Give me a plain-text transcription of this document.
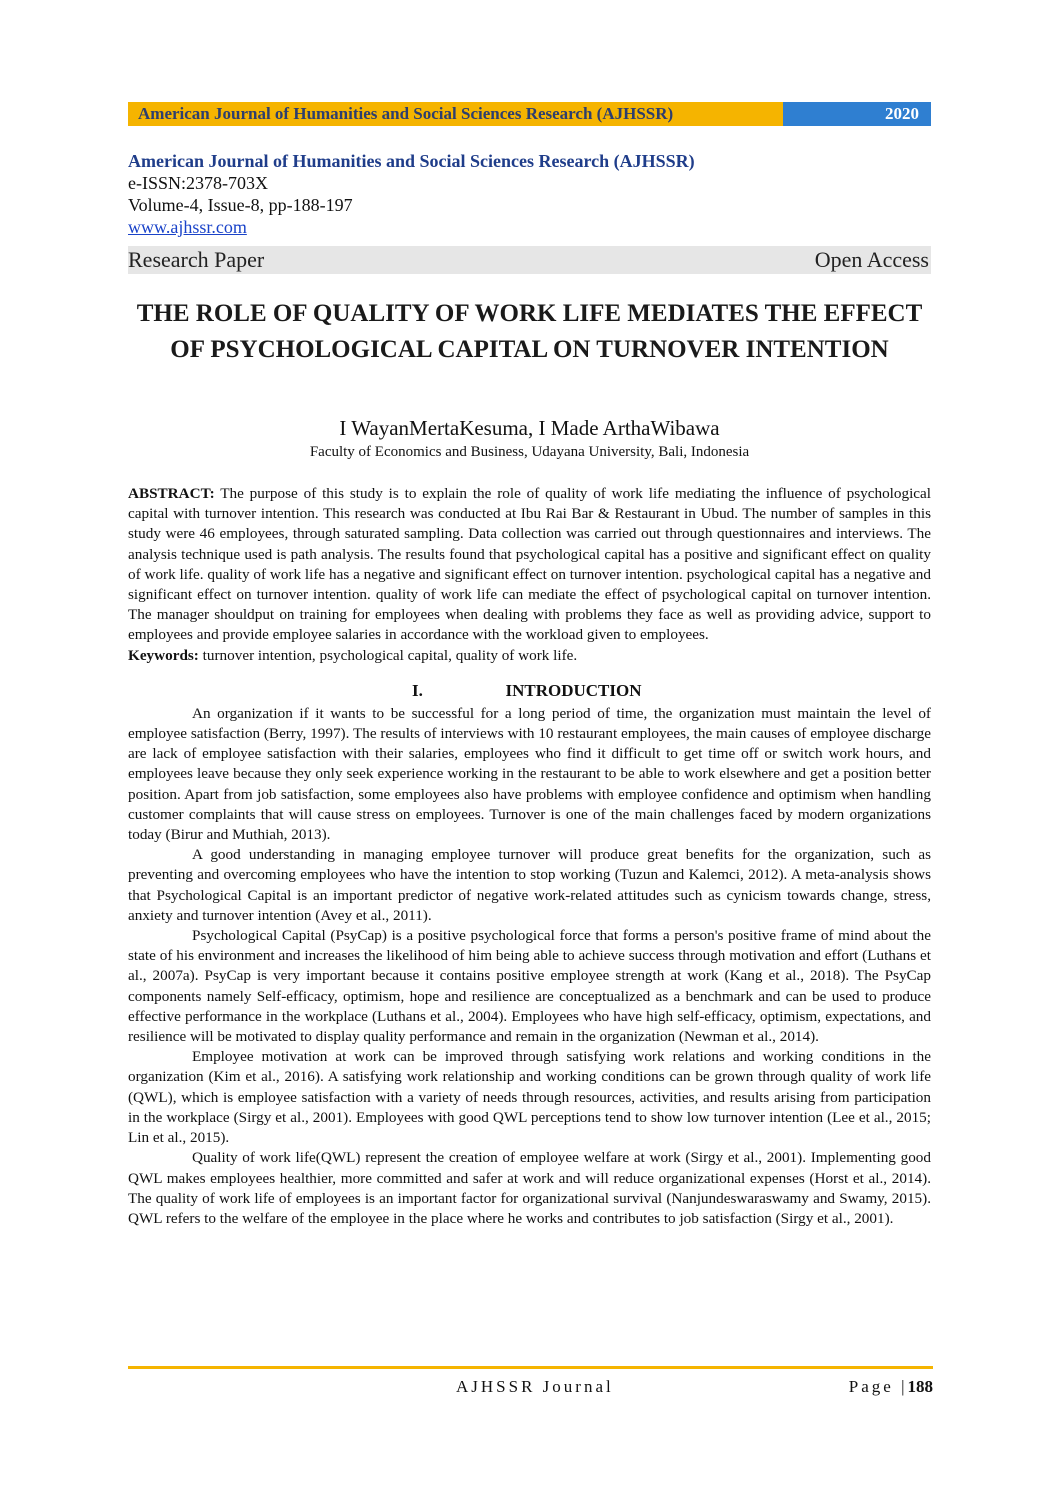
American Journal of Humanities and Social Sciences Research (AJHSSR)	2020
American Journal of Humanities and Social Sciences Research (AJHSSR)
e-ISSN:2378-703X
Volume-4, Issue-8, pp-188-197
www.ajhssr.com
Research Paper	Open Access
THE ROLE OF QUALITY OF WORK LIFE MEDIATES THE EFFECT OF PSYCHOLOGICAL CAPITAL ON TURNOVER INTENTION
I WayanMertaKesuma, I Made ArthaWibawa
Faculty of Economics and Business, Udayana University, Bali, Indonesia

ABSTRACT: The purpose of this study is to explain the role of quality of work life mediating the influence of psychological capital with turnover intention. This research was conducted at Ibu Rai Bar & Restaurant in Ubud. The number of samples in this study were 46 employees, through saturated sampling. Data collection was carried out through questionnaires and interviews. The analysis technique used is path analysis. The results found that psychological capital has a positive and significant effect on quality of work life. quality of work life has a negative and significant effect on turnover intention. psychological capital has a negative and significant effect on turnover intention. quality of work life can mediate the effect of psychological capital on turnover intention. The manager shouldput on training for employees when dealing with problems they face as well as providing advice, support to employees and provide employee salaries in accordance with the workload given to employees.

Keywords: turnover intention, psychological capital, quality of work life.

I.	INTRODUCTION

An organization if it wants to be successful for a long period of time, the organization must maintain the level of employee satisfaction (Berry, 1997). The results of interviews with 10 restaurant employees, the main causes of employee discharge are lack of employee satisfaction with their salaries, employees who find it difficult to get time off or switch work hours, and employees leave because they only seek experience working in the restaurant to be able to work elsewhere and get a position better position. Apart from job satisfaction, some employees also have problems with employee confidence and optimism when handling customer complaints that will cause stress on employees. Turnover is one of the main challenges faced by modern organizations today (Birur and Muthiah, 2013).

A good understanding in managing employee turnover will produce great benefits for the organization, such as preventing and overcoming employees who have the intention to stop working (Tuzun and Kalemci, 2012). A meta-analysis shows that Psychological Capital is an important predictor of negative work-related attitudes such as cynicism towards change, stress, anxiety and turnover intention (Avey et al., 2011).

Psychological Capital (PsyCap) is a positive psychological force that forms a person's positive frame of mind about the state of his environment and increases the likelihood of him being able to achieve success through motivation and effort (Luthans et al., 2007a). PsyCap is very important because it contains positive employee strength at work (Kang et al., 2018). The PsyCap components namely Self-efficacy, optimism, hope and resilience are conceptualized as a benchmark and can be used to produce effective performance in the workplace (Luthans et al., 2004). Employees who have high self-efficacy, optimism, expectations, and resilience will be motivated to display quality performance and remain in the organization (Newman et al., 2014).

Employee motivation at work can be improved through satisfying work relations and working conditions in the organization (Kim et al., 2016). A satisfying work relationship and working conditions can be grown through quality of work life (QWL), which is employee satisfaction with a variety of needs through resources, activities, and results arising from participation in the workplace (Sirgy et al., 2001). Employees with good QWL perceptions tend to show low turnover intention (Lee et al., 2015; Lin et al., 2015).

Quality of work life(QWL) represent the creation of employee welfare at work (Sirgy et al., 2001). Implementing good QWL makes employees healthier, more committed and safer at work and will reduce organizational expenses (Horst et al., 2014). The quality of work life of employees is an important factor for organizational survival (Nanjundeswaraswamy and Swamy, 2015). QWL refers to the welfare of the employee in the place where he works and contributes to job satisfaction (Sirgy et al., 2001).

AJHSSR Journal	Page |188
